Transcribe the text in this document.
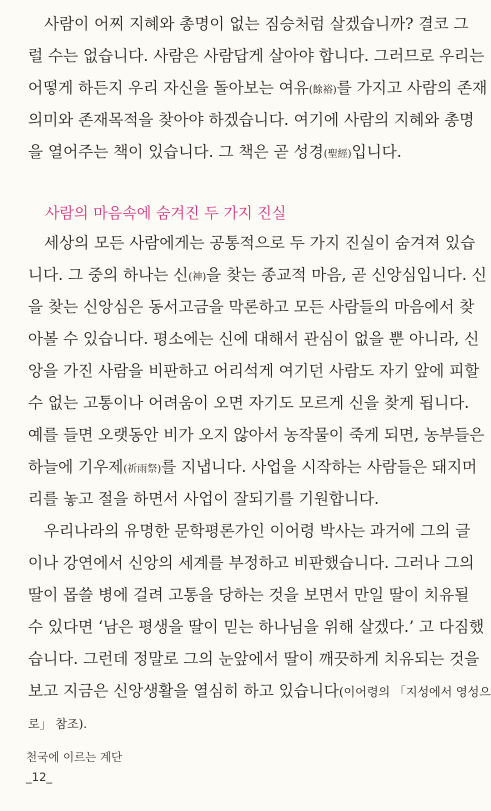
사람이 어찌 지혜와 총명이 없는 짐승처럼 살겠습니까? 결코 그
럴 수는 없습니다. 사람은 사람답게 살아야 합니다. 그러므로 우리는
어떻게 하든지 우리 자신을 돌아보는 여유(餘裕)를 가지고 사람의 존재
의미와 존재목적을 찾아야 하겠습니다. 여기에 사람의 지혜와 총명
을 열어주는 책이 있습니다. 그 책은 곧 성경(聖經)입니다.
사람의 마음속에 숨겨진 두 가지 진실
세상의 모든 사람에게는 공통적으로 두 가지 진실이 숨겨져 있습
니다. 그 중의 하나는 신(神)을 찾는 종교적 마음, 곧 신앙심입니다. 신
을 찾는 신앙심은 동서고금을 막론하고 모든 사람들의 마음에서 찾
아볼 수 있습니다. 평소에는 신에 대해서 관심이 없을 뿐 아니라, 신
앙을 가진 사람을 비판하고 어리석게 여기던 사람도 자기 앞에 피할
수 없는 고통이나 어려움이 오면 자기도 모르게 신을 찾게 됩니다.
예를 들면 오랫동안 비가 오지 않아서 농작물이 죽게 되면, 농부들은
하늘에 기우제(祈雨祭)를 지냅니다. 사업을 시작하는 사람들은 돼지머
리를 놓고 절을 하면서 사업이 잘되기를 기원합니다.
우리나라의 유명한 문학평론가인 이어령 박사는 과거에 그의 글
이나 강연에서 신앙의 세계를 부정하고 비판했습니다. 그러나 그의
딸이 몹쓸 병에 걸려 고통을 당하는 것을 보면서 만일 딸이 치유될
수 있다면 ‘남은 평생을 딸이 믿는 하나님을 위해 살겠다.’ 고 다짐했
습니다. 그런데 정말로 그의 눈앞에서 딸이 깨끗하게 치유되는 것을
보고 지금은 신앙생활을 열심히 하고 있습니다(이어령의 「지성에서 영성으
로」 참조).
천국에 이르는 계단
_12_
